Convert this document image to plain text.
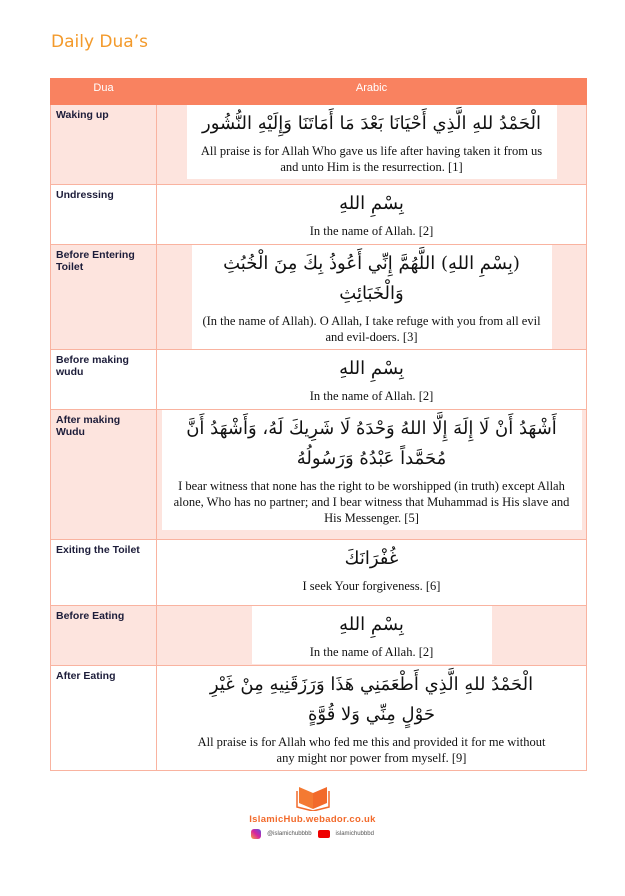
Daily Dua’s
Dua	Arabic
Waking up	الْحَمْدُ للهِ الَّذِي أَحْيَانَا بَعْدَ مَا أَمَاتَنَا وَإِلَيْهِ النُّشُور
All praise is for Allah Who gave us life after having taken it from us and unto Him is the resurrection. [1]

Undressing	بِسْمِ اللهِ
In the name of Allah. [2]

Before Entering Toilet	(بِسْمِ اللهِ) اللَّهُمَّ إِنِّي أَعُوذُ بِكَ مِنَ الْخُبُثِ وَالْخَبَائِثِ
(In the name of Allah). O Allah, I take refuge with you from all evil and evil-doers. [3]

Before making wudu	بِسْمِ اللهِ
In the name of Allah. [2]

After making Wudu	أَشْهَدُ أَنْ لَا إِلَهَ إِلَّا اللهُ وَحْدَهُ لَا شَرِيكَ لَهُ، وَأَشْهَدُ أَنَّ مُحَمَّداً عَبْدُهُ وَرَسُولُهُ
I bear witness that none has the right to be worshipped (in truth) except Allah alone, Who has no partner; and I bear witness that Muhammad is His slave and His Messenger. [5]

Exiting the Toilet	غُفْرَانَكَ
I seek Your forgiveness. [6]

Before Eating	بِسْمِ اللهِ
In the name of Allah. [2]

After Eating	الْحَمْدُ للهِ الَّذِي أَطْعَمَنِي هَذَا وَرَزَقَنِيهِ مِنْ غَيْرِ حَوْلٍ مِنِّي وَلا قُوَّةٍ
All praise is for Allah who fed me this and provided it for me without any might nor power from myself. [9]
IslamicHub.webador.co.uk
@islamichubbbb	islamichubbbd
